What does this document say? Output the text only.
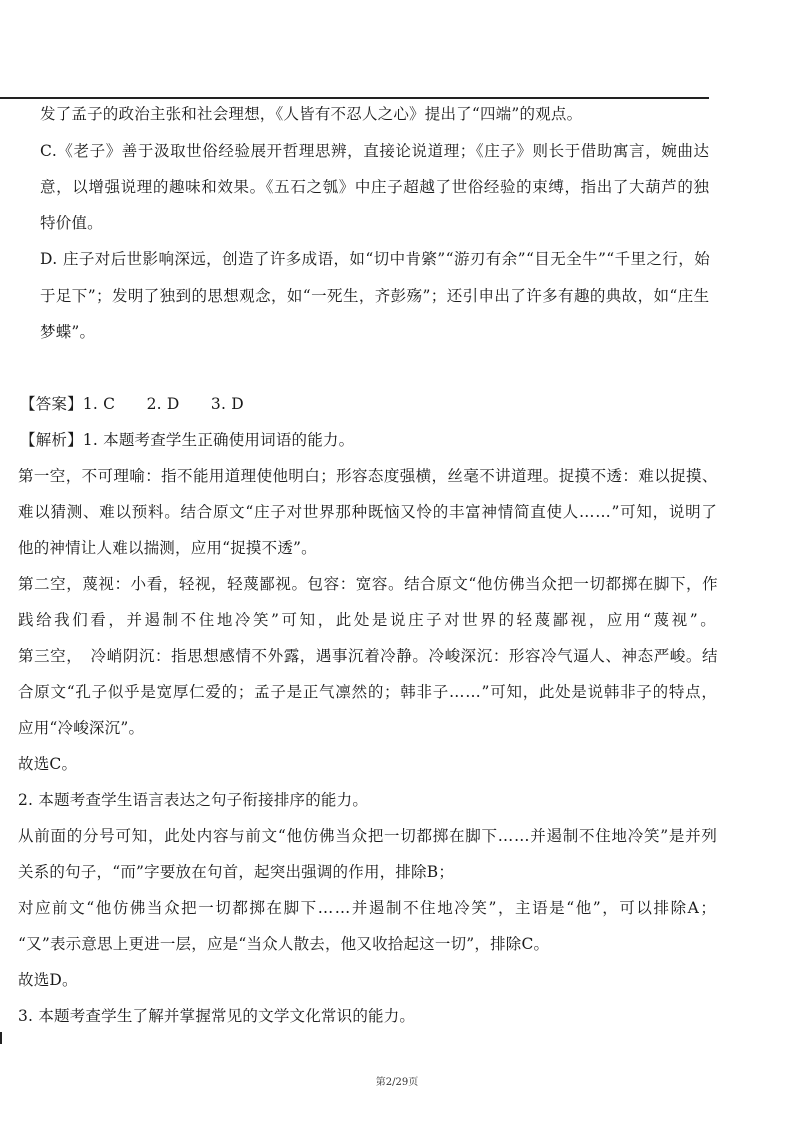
发了孟子的政治主张和社会理想，《人皆有不忍人之心》提出了“四端”的观点。
C.《老子》善于汲取世俗经验展开哲理思辨，直接论说道理；《庄子》则长于借助寓言，婉曲达
意，以增强说理的趣味和效果。《五石之瓠》中庄子超越了世俗经验的束缚，指出了大葫芦的独
特价值。
D. 庄子对后世影响深远，创造了许多成语，如“切中肯綮”“游刃有余”“目无全牛”“千里之行，始
于足下”；发明了独到的思想观念，如“一死生，齐彭殇”；还引申出了许多有趣的典故，如“庄生
梦蝶”。
【答案】1. C　　2. D　　3. D
【解析】1. 本题考查学生正确使用词语的能力。
第一空，不可理喻：指不能用道理使他明白；形容态度强横，丝毫不讲道理。捉摸不透：难以捉摸、
难以猜测、难以预料。结合原文“庄子对世界那种既恼又怜的丰富神情简直使人……”可知，说明了
他的神情让人难以揣测，应用“捉摸不透”。
第二空，蔑视：小看，轻视，轻蔑鄙视。包容：宽容。结合原文“他仿佛当众把一切都掷在脚下，作
践给我们看，并遏制不住地冷笑”可知，此处是说庄子对世界的轻蔑鄙视，应用“蔑视”。
第三空，　冷峭阴沉：指思想感情不外露，遇事沉着冷静。冷峻深沉：形容冷气逼人、神态严峻。结
合原文“孔子似乎是宽厚仁爱的；孟子是正气凛然的；韩非子……”可知，此处是说韩非子的特点，
应用“冷峻深沉”。
故选C。
2. 本题考查学生语言表达之句子衔接排序的能力。
从前面的分号可知，此处内容与前文“他仿佛当众把一切都掷在脚下……并遏制不住地冷笑”是并列
关系的句子，“而”字要放在句首，起突出强调的作用，排除B；
对应前文“他仿佛当众把一切都掷在脚下……并遏制不住地冷笑”，主语是“他”，可以排除A；
“又”表示意思上更进一层，应是“当众人散去，他又收拾起这一切”，排除C。
故选D。
3. 本题考查学生了解并掌握常见的文学文化常识的能力。
第2/29页
